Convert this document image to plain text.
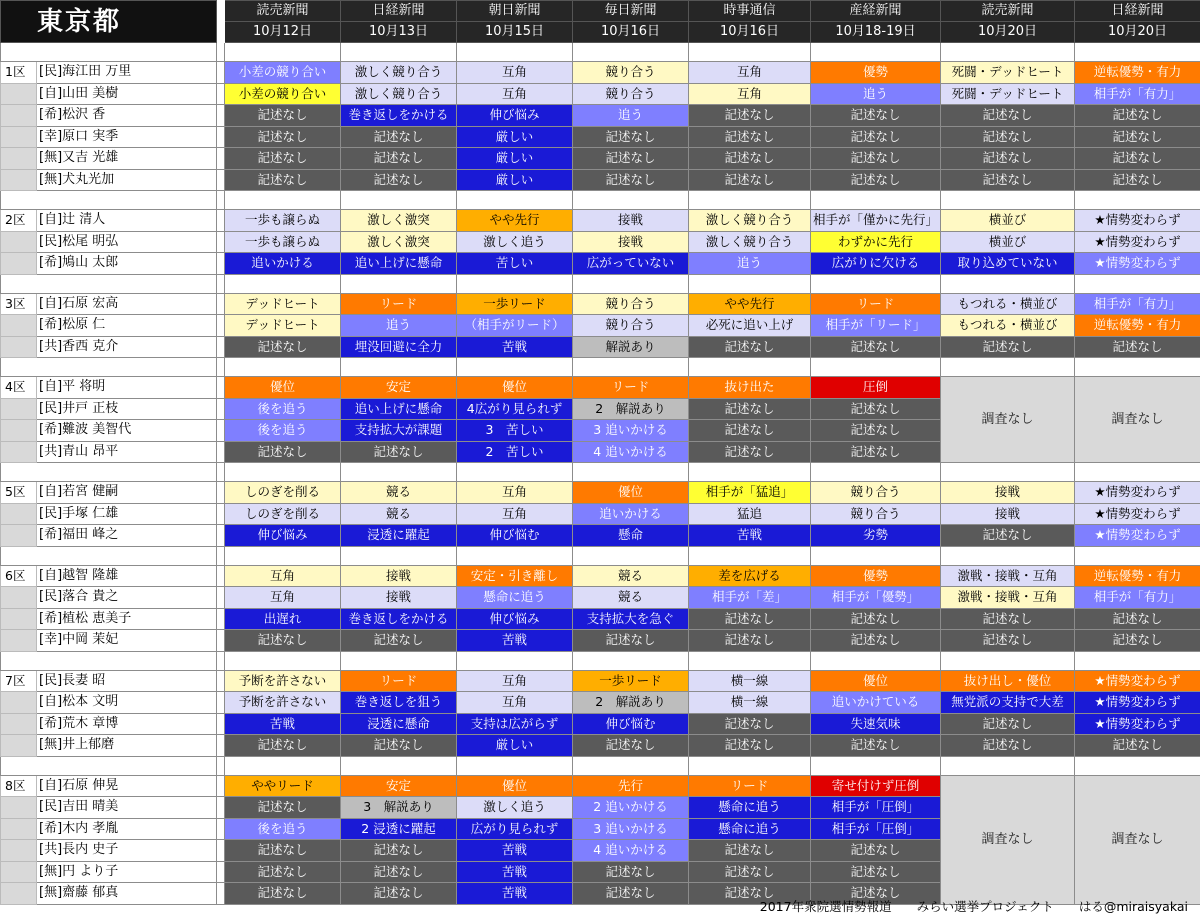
東京都			読売新聞	日経新聞	朝日新聞	毎日新聞	時事通信	産経新聞	読売新聞	日経新聞
			10月12日	10月13日	10月15日	10月16日	10月16日	10月18-19日	10月20日	10月20日

1区	[民]海江田 万里		小差の競り合い	激しく競り合う	互角	競り合う	互角	優勢	死闘・デッドヒート	逆転優勢・有力
	[自]山田 美樹		小差の競り合い	激しく競り合う	互角	競り合う	互角	追う	死闘・デッドヒート	相手が「有力」
	[希]松沢 香		記述なし	巻き返しをかける	伸び悩み	追う	記述なし	記述なし	記述なし	記述なし
	[幸]原口 実季		記述なし	記述なし	厳しい	記述なし	記述なし	記述なし	記述なし	記述なし
	[無]又吉 光雄		記述なし	記述なし	厳しい	記述なし	記述なし	記述なし	記述なし	記述なし
	[無]犬丸光加		記述なし	記述なし	厳しい	記述なし	記述なし	記述なし	記述なし	記述なし

2区	[自]辻 清人		一歩も譲らぬ	激しく激突	やや先行	接戦	激しく競り合う	相手が「僅かに先行」	横並び	★情勢変わらず
	[民]松尾 明弘		一歩も譲らぬ	激しく激突	激しく追う	接戦	激しく競り合う	わずかに先行	横並び	★情勢変わらず
	[希]鳩山 太郎		追いかける	追い上げに懸命	苦しい	広がっていない	追う	広がりに欠ける	取り込めていない	★情勢変わらず

3区	[自]石原 宏高		デッドヒート	リード	一歩リード	競り合う	やや先行	リード	もつれる・横並び	相手が「有力」
	[希]松原 仁		デッドヒート	追う	（相手がリード）	競り合う	必死に追い上げ	相手が「リード」	もつれる・横並び	逆転優勢・有力
	[共]香西 克介		記述なし	埋没回避に全力	苦戦	解説あり	記述なし	記述なし	記述なし	記述なし

4区	[自]平 将明		優位	安定	優位	リード	抜け出た	圧倒	調査なし	調査なし
	[民]井戸 正枝		後を追う	追い上げに懸命	4広がり見られず	2　解説あり	記述なし	記述なし		
	[希]難波 美智代		後を追う	支持拡大が課題	3　苦しい	3 追いかける	記述なし	記述なし		
	[共]青山 昂平		記述なし	記述なし	2　苦しい	4 追いかける	記述なし	記述なし		

5区	[自]若宮 健嗣		しのぎを削る	競る	互角	優位	相手が「猛追」	競り合う	接戦	★情勢変わらず
	[民]手塚 仁雄		しのぎを削る	競る	互角	追いかける	猛追	競り合う	接戦	★情勢変わらず
	[希]福田 峰之		伸び悩み	浸透に躍起	伸び悩む	懸命	苦戦	劣勢	記述なし	★情勢変わらず

6区	[自]越智 隆雄		互角	接戦	安定・引き離し	競る	差を広げる	優勢	激戦・接戦・互角	逆転優勢・有力
	[民]落合 貴之		互角	接戦	懸命に追う	競る	相手が「差」	相手が「優勢」	激戦・接戦・互角	相手が「有力」
	[希]植松 恵美子		出遅れ	巻き返しをかける	伸び悩み	支持拡大を急ぐ	記述なし	記述なし	記述なし	記述なし
	[幸]中岡 茉妃		記述なし	記述なし	苦戦	記述なし	記述なし	記述なし	記述なし	記述なし

7区	[民]長妻 昭		予断を許さない	リード	互角	一歩リード	横一線	優位	抜け出し・優位	★情勢変わらず
	[自]松本 文明		予断を許さない	巻き返しを狙う	互角	2　解説あり	横一線	追いかけている	無党派の支持で大差	★情勢変わらず
	[希]荒木 章博		苦戦	浸透に懸命	支持は広がらず	伸び悩む	記述なし	失速気味	記述なし	★情勢変わらず
	[無]井上郁磨		記述なし	記述なし	厳しい	記述なし	記述なし	記述なし	記述なし	記述なし

8区	[自]石原 伸晃		ややリード	安定	優位	先行	リード	寄せ付けず圧倒	調査なし	調査なし
	[民]吉田 晴美		記述なし	3　解説あり	激しく追う	2 追いかける	懸命に追う	相手が「圧倒」		
	[希]木内 孝胤		後を追う	2 浸透に躍起	広がり見られず	3 追いかける	懸命に追う	相手が「圧倒」		
	[共]長内 史子		記述なし	記述なし	苦戦	4 追いかける	記述なし	記述なし		
	[無]円 より子		記述なし	記述なし	苦戦	記述なし	記述なし	記述なし		
	[無]齋藤 郁真		記述なし	記述なし	苦戦	記述なし	記述なし	記述なし		

2017年衆院選情勢報道　　みらい選挙プロジェクト　　はる@miraisyakai
